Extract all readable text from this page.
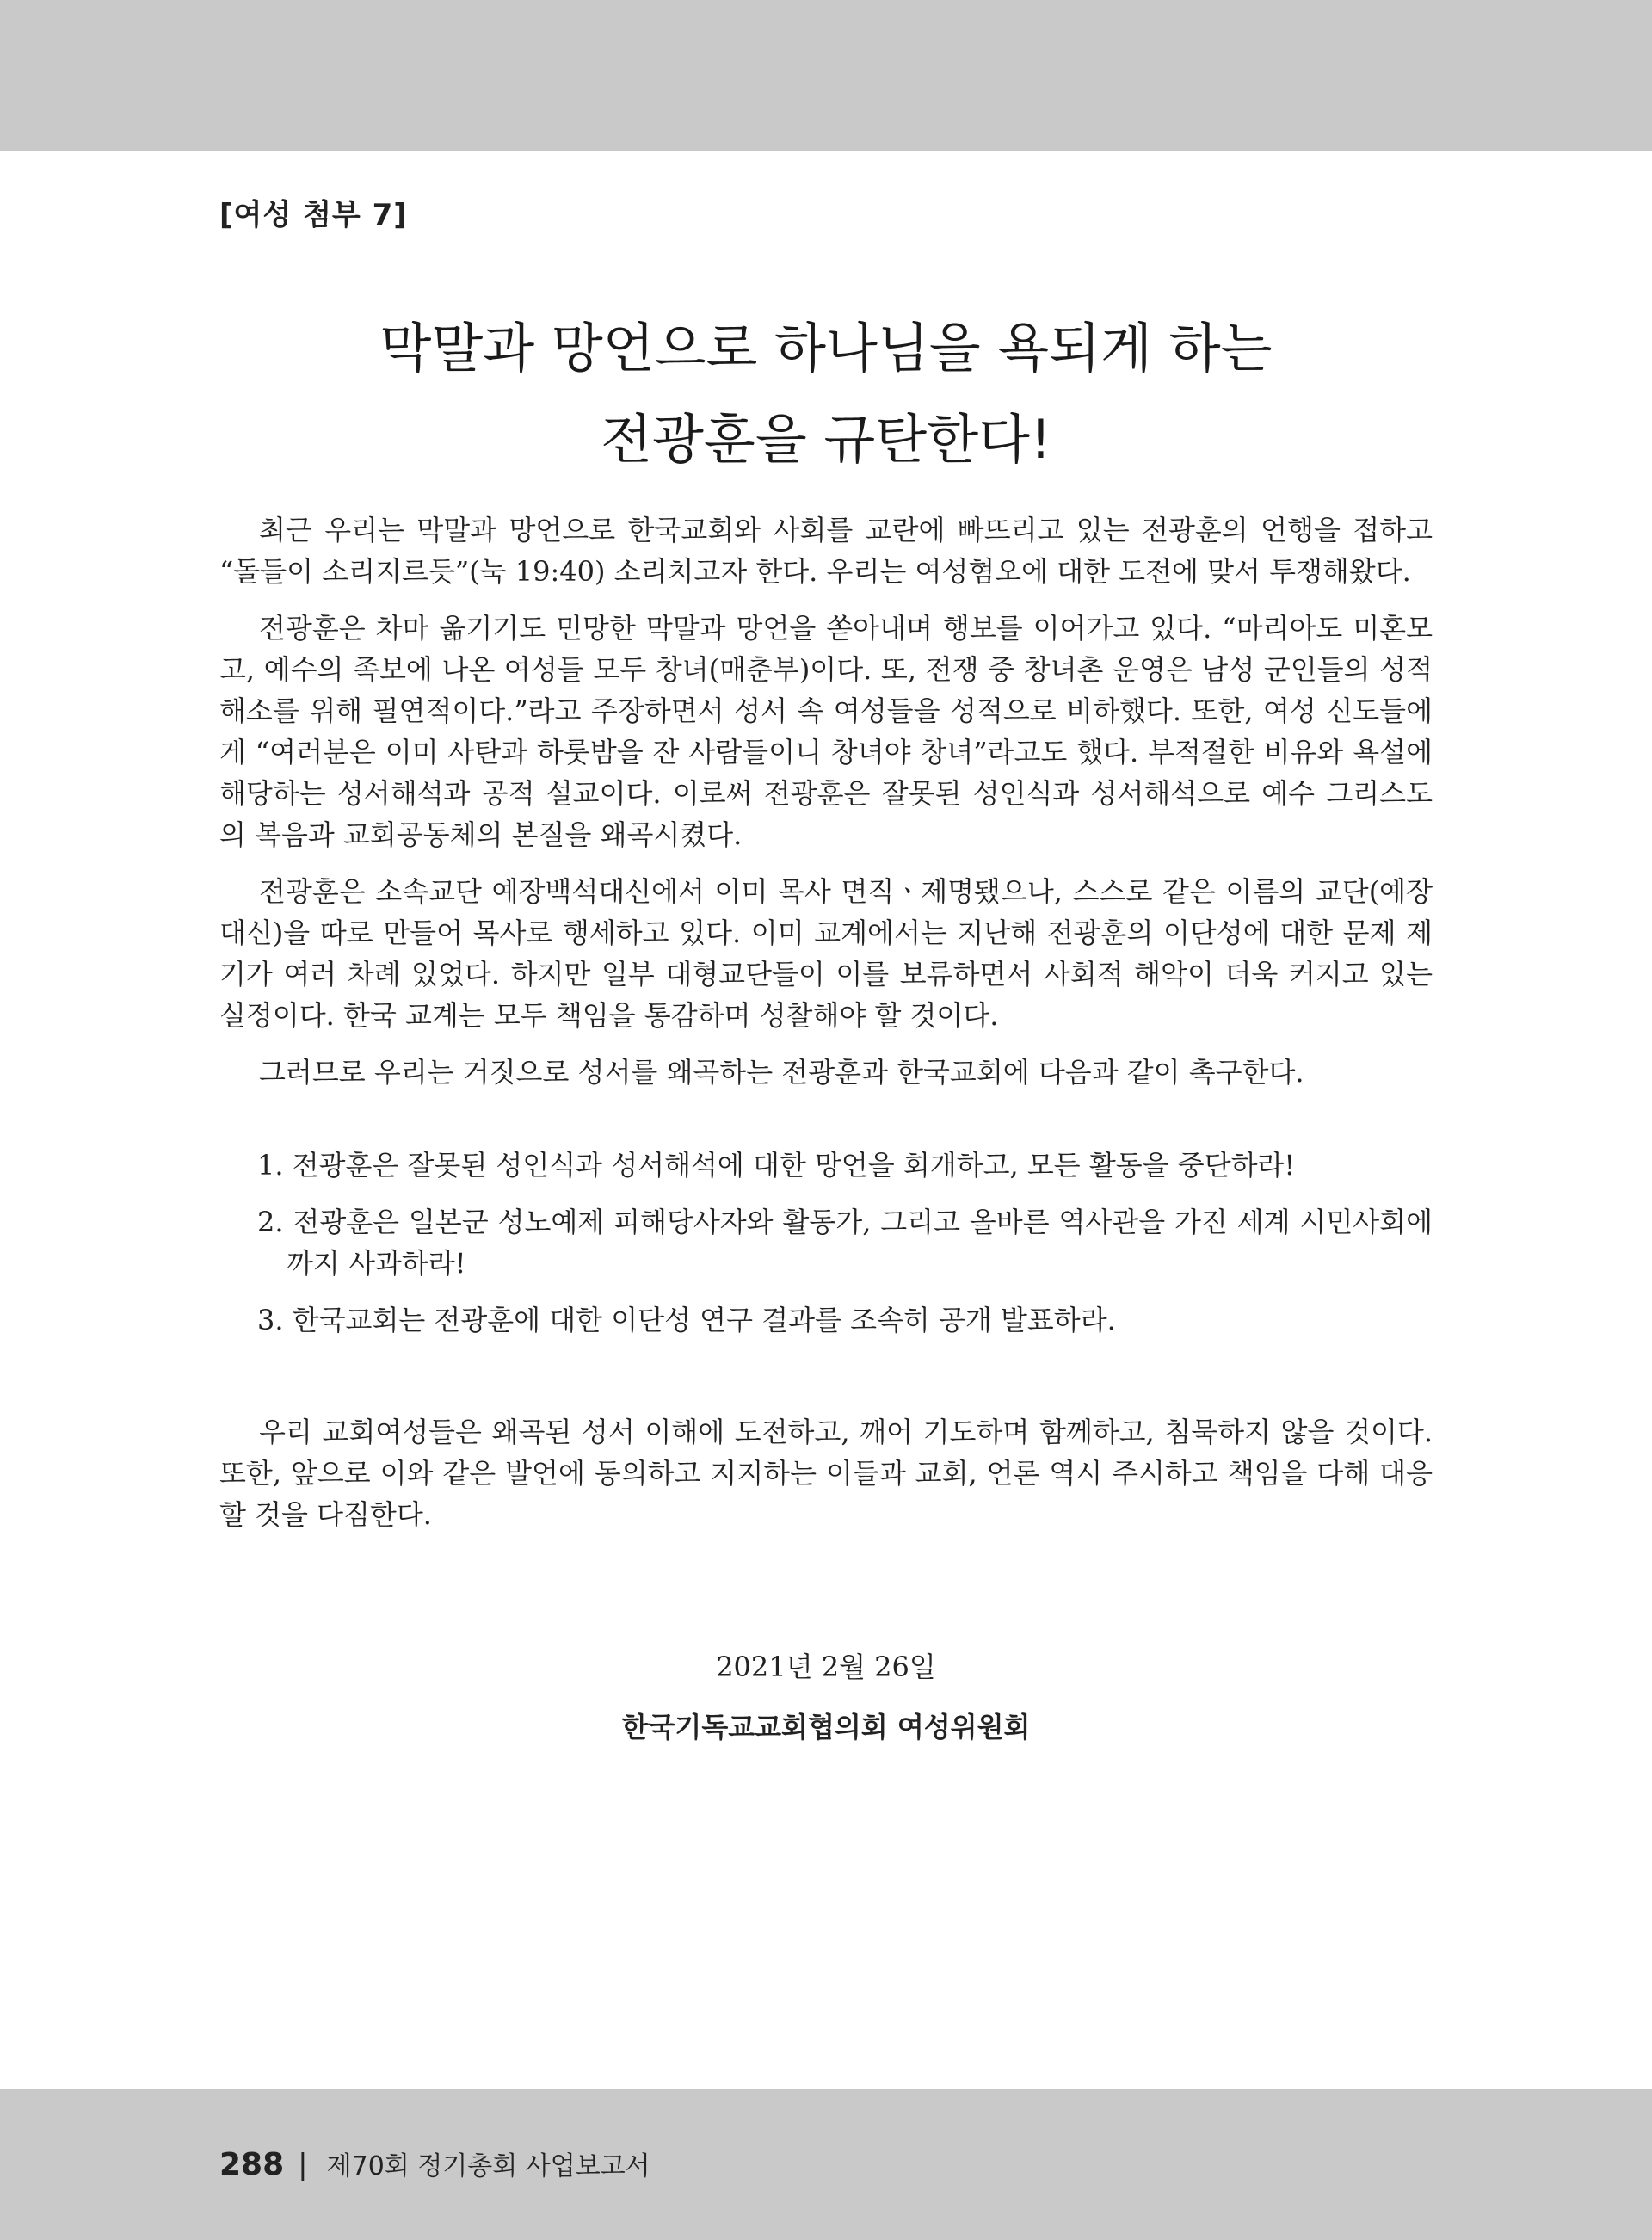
[여성 첨부 7]
막말과 망언으로 하나님을 욕되게 하는
전광훈을 규탄한다!

최근 우리는 막말과 망언으로 한국교회와 사회를 교란에 빠뜨리고 있는 전광훈의 언행을 접하고 “돌들이 소리지르듯”(눅 19:40) 소리치고자 한다. 우리는 여성혐오에 대한 도전에 맞서 투쟁해왔다.

전광훈은 차마 옮기기도 민망한 막말과 망언을 쏟아내며 행보를 이어가고 있다. “마리아도 미혼모고, 예수의 족보에 나온 여성들 모두 창녀(매춘부)이다. 또, 전쟁 중 창녀촌 운영은 남성 군인들의 성적 해소를 위해 필연적이다.”라고 주장하면서 성서 속 여성들을 성적으로 비하했다. 또한, 여성 신도들에게 “여러분은 이미 사탄과 하룻밤을 잔 사람들이니 창녀야 창녀”라고도 했다. 부적절한 비유와 욕설에 해당하는 성서해석과 공적 설교이다. 이로써 전광훈은 잘못된 성인식과 성서해석으로 예수 그리스도의 복음과 교회공동체의 본질을 왜곡시켰다.

전광훈은 소속교단 예장백석대신에서 이미 목사 면직ㆍ제명됐으나, 스스로 같은 이름의 교단(예장 대신)을 따로 만들어 목사로 행세하고 있다. 이미 교계에서는 지난해 전광훈의 이단성에 대한 문제 제기가 여러 차례 있었다. 하지만 일부 대형교단들이 이를 보류하면서 사회적 해악이 더욱 커지고 있는 실정이다. 한국 교계는 모두 책임을 통감하며 성찰해야 할 것이다.

그러므로 우리는 거짓으로 성서를 왜곡하는 전광훈과 한국교회에 다음과 같이 촉구한다.

1. 전광훈은 잘못된 성인식과 성서해석에 대한 망언을 회개하고, 모든 활동을 중단하라!
2. 전광훈은 일본군 성노예제 피해당사자와 활동가, 그리고 올바른 역사관을 가진 세계 시민사회에까지 사과하라!
3. 한국교회는 전광훈에 대한 이단성 연구 결과를 조속히 공개 발표하라.

우리 교회여성들은 왜곡된 성서 이해에 도전하고, 깨어 기도하며 함께하고, 침묵하지 않을 것이다. 또한, 앞으로 이와 같은 발언에 동의하고 지지하는 이들과 교회, 언론 역시 주시하고 책임을 다해 대응할 것을 다짐한다.

2021년 2월 26일
한국기독교교회협의회 여성위원회
288 | 제70회 정기총회 사업보고서
